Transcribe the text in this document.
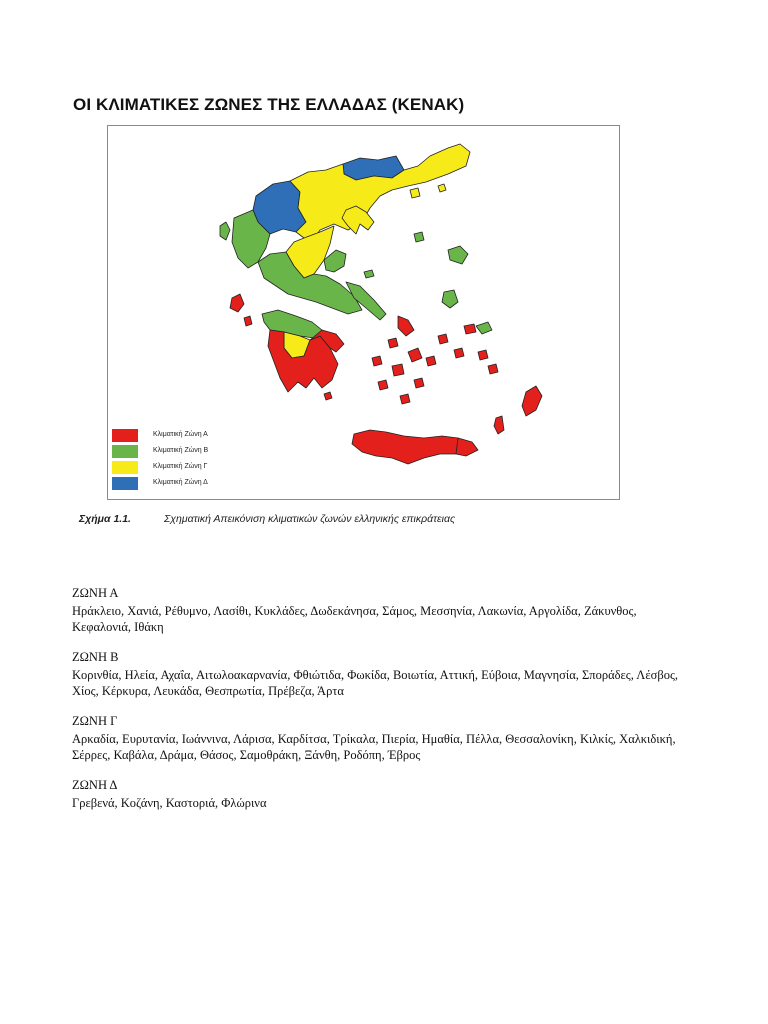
ΟΙ ΚΛΙΜΑΤΙΚΕΣ ΖΩΝΕΣ ΤΗΣ ΕΛΛΑΔΑΣ (ΚΕΝΑΚ)
Κλιματική Ζώνη Α
Κλιματική Ζώνη Β
Κλιματική Ζώνη Γ
Κλιματική Ζώνη Δ
Σχήμα 1.1.	Σχηματική Απεικόνιση κλιματικών ζωνών ελληνικής επικράτειας
ΖΩΝΗ Α
Ηράκλειο, Χανιά, Ρέθυμνο, Λασίθι, Κυκλάδες, Δωδεκάνησα, Σάμος, Μεσσηνία, Λακωνία, Αργολίδα, Ζάκυνθος, Κεφαλονιά, Ιθάκη
ΖΩΝΗ Β
Κορινθία, Ηλεία, Αχαΐα, Αιτωλοακαρνανία, Φθιώτιδα, Φωκίδα, Βοιωτία, Αττική, Εύβοια, Μαγνησία, Σποράδες, Λέσβος, Χίος, Κέρκυρα, Λευκάδα, Θεσπρωτία, Πρέβεζα, Άρτα
ΖΩΝΗ Γ
Αρκαδία, Ευρυτανία, Ιωάννινα, Λάρισα, Καρδίτσα, Τρίκαλα, Πιερία, Ημαθία, Πέλλα, Θεσσαλονίκη, Κιλκίς, Χαλκιδική, Σέρρες, Καβάλα, Δράμα, Θάσος, Σαμοθράκη, Ξάνθη, Ροδόπη, Έβρος
ΖΩΝΗ Δ
Γρεβενά, Κοζάνη, Καστοριά, Φλώρινα
